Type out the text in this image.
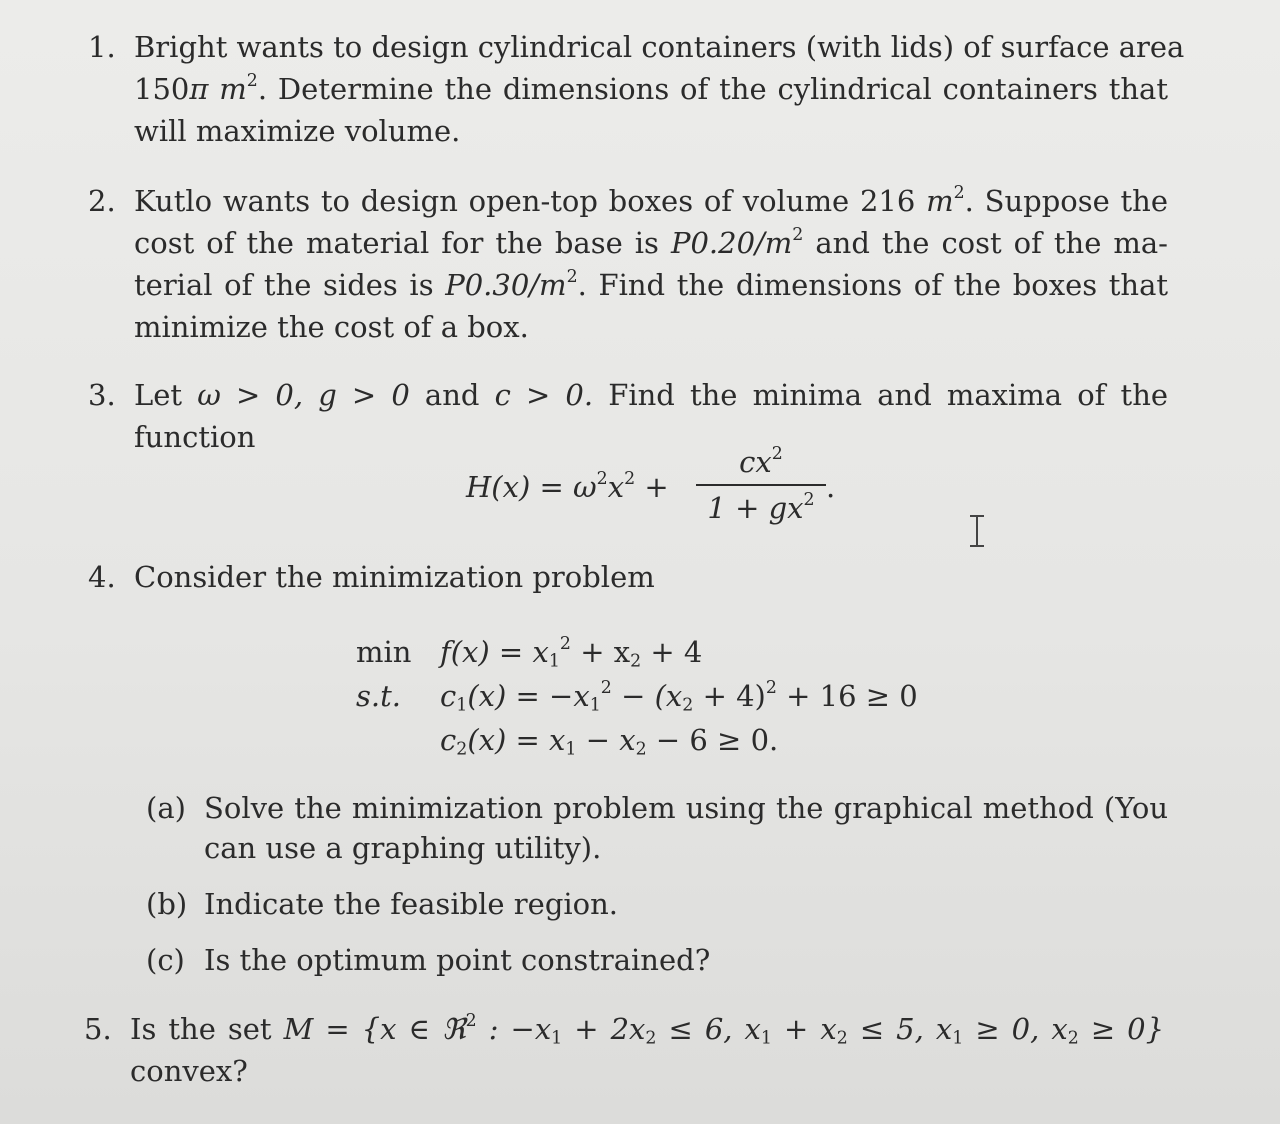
1. Bright wants to design cylindrical containers (with lids) of surface area
150π $m^2$. Determine the dimensions of the cylindrical containers that
will maximize volume.
2. Kutlo wants to design open-top boxes of volume 216 $m^2$. Suppose the
cost of the material for the base is $P0.20/m^2$ and the cost of the ma-
terial of the sides is $P0.30/m^2$. Find the dimensions of the boxes that
minimize the cost of a box.
3. Let ω > 0, g > 0 and c > 0. Find the minima and maxima of the
function
$H(x) = \omega^2x^2$ +
$cx^2$
$1 + gx^2$ .
4. Consider the minimization problem
$\min f(x) = x_1^2 + x_2 + 4$
s.t. $c_1(x) = -x_1^2 - (x_2 + 4)^2 + 16 \ge 0$
$c_2(x) = x_1 - x_2 - 6 \ge 0$.
(a) Solve the minimization problem using the graphical method (You
can use a graphing utility).
(b) Indicate the feasible region.
(c) Is the optimum point constrained?
5. Is the set M = {x ∈ ℜ$^2$ : $-x_1 + 2x_2 \le 6$, $x_1 + x_2 \le 5$, $x_1 \ge 0$, $x_2 \ge 0$}
convex?
